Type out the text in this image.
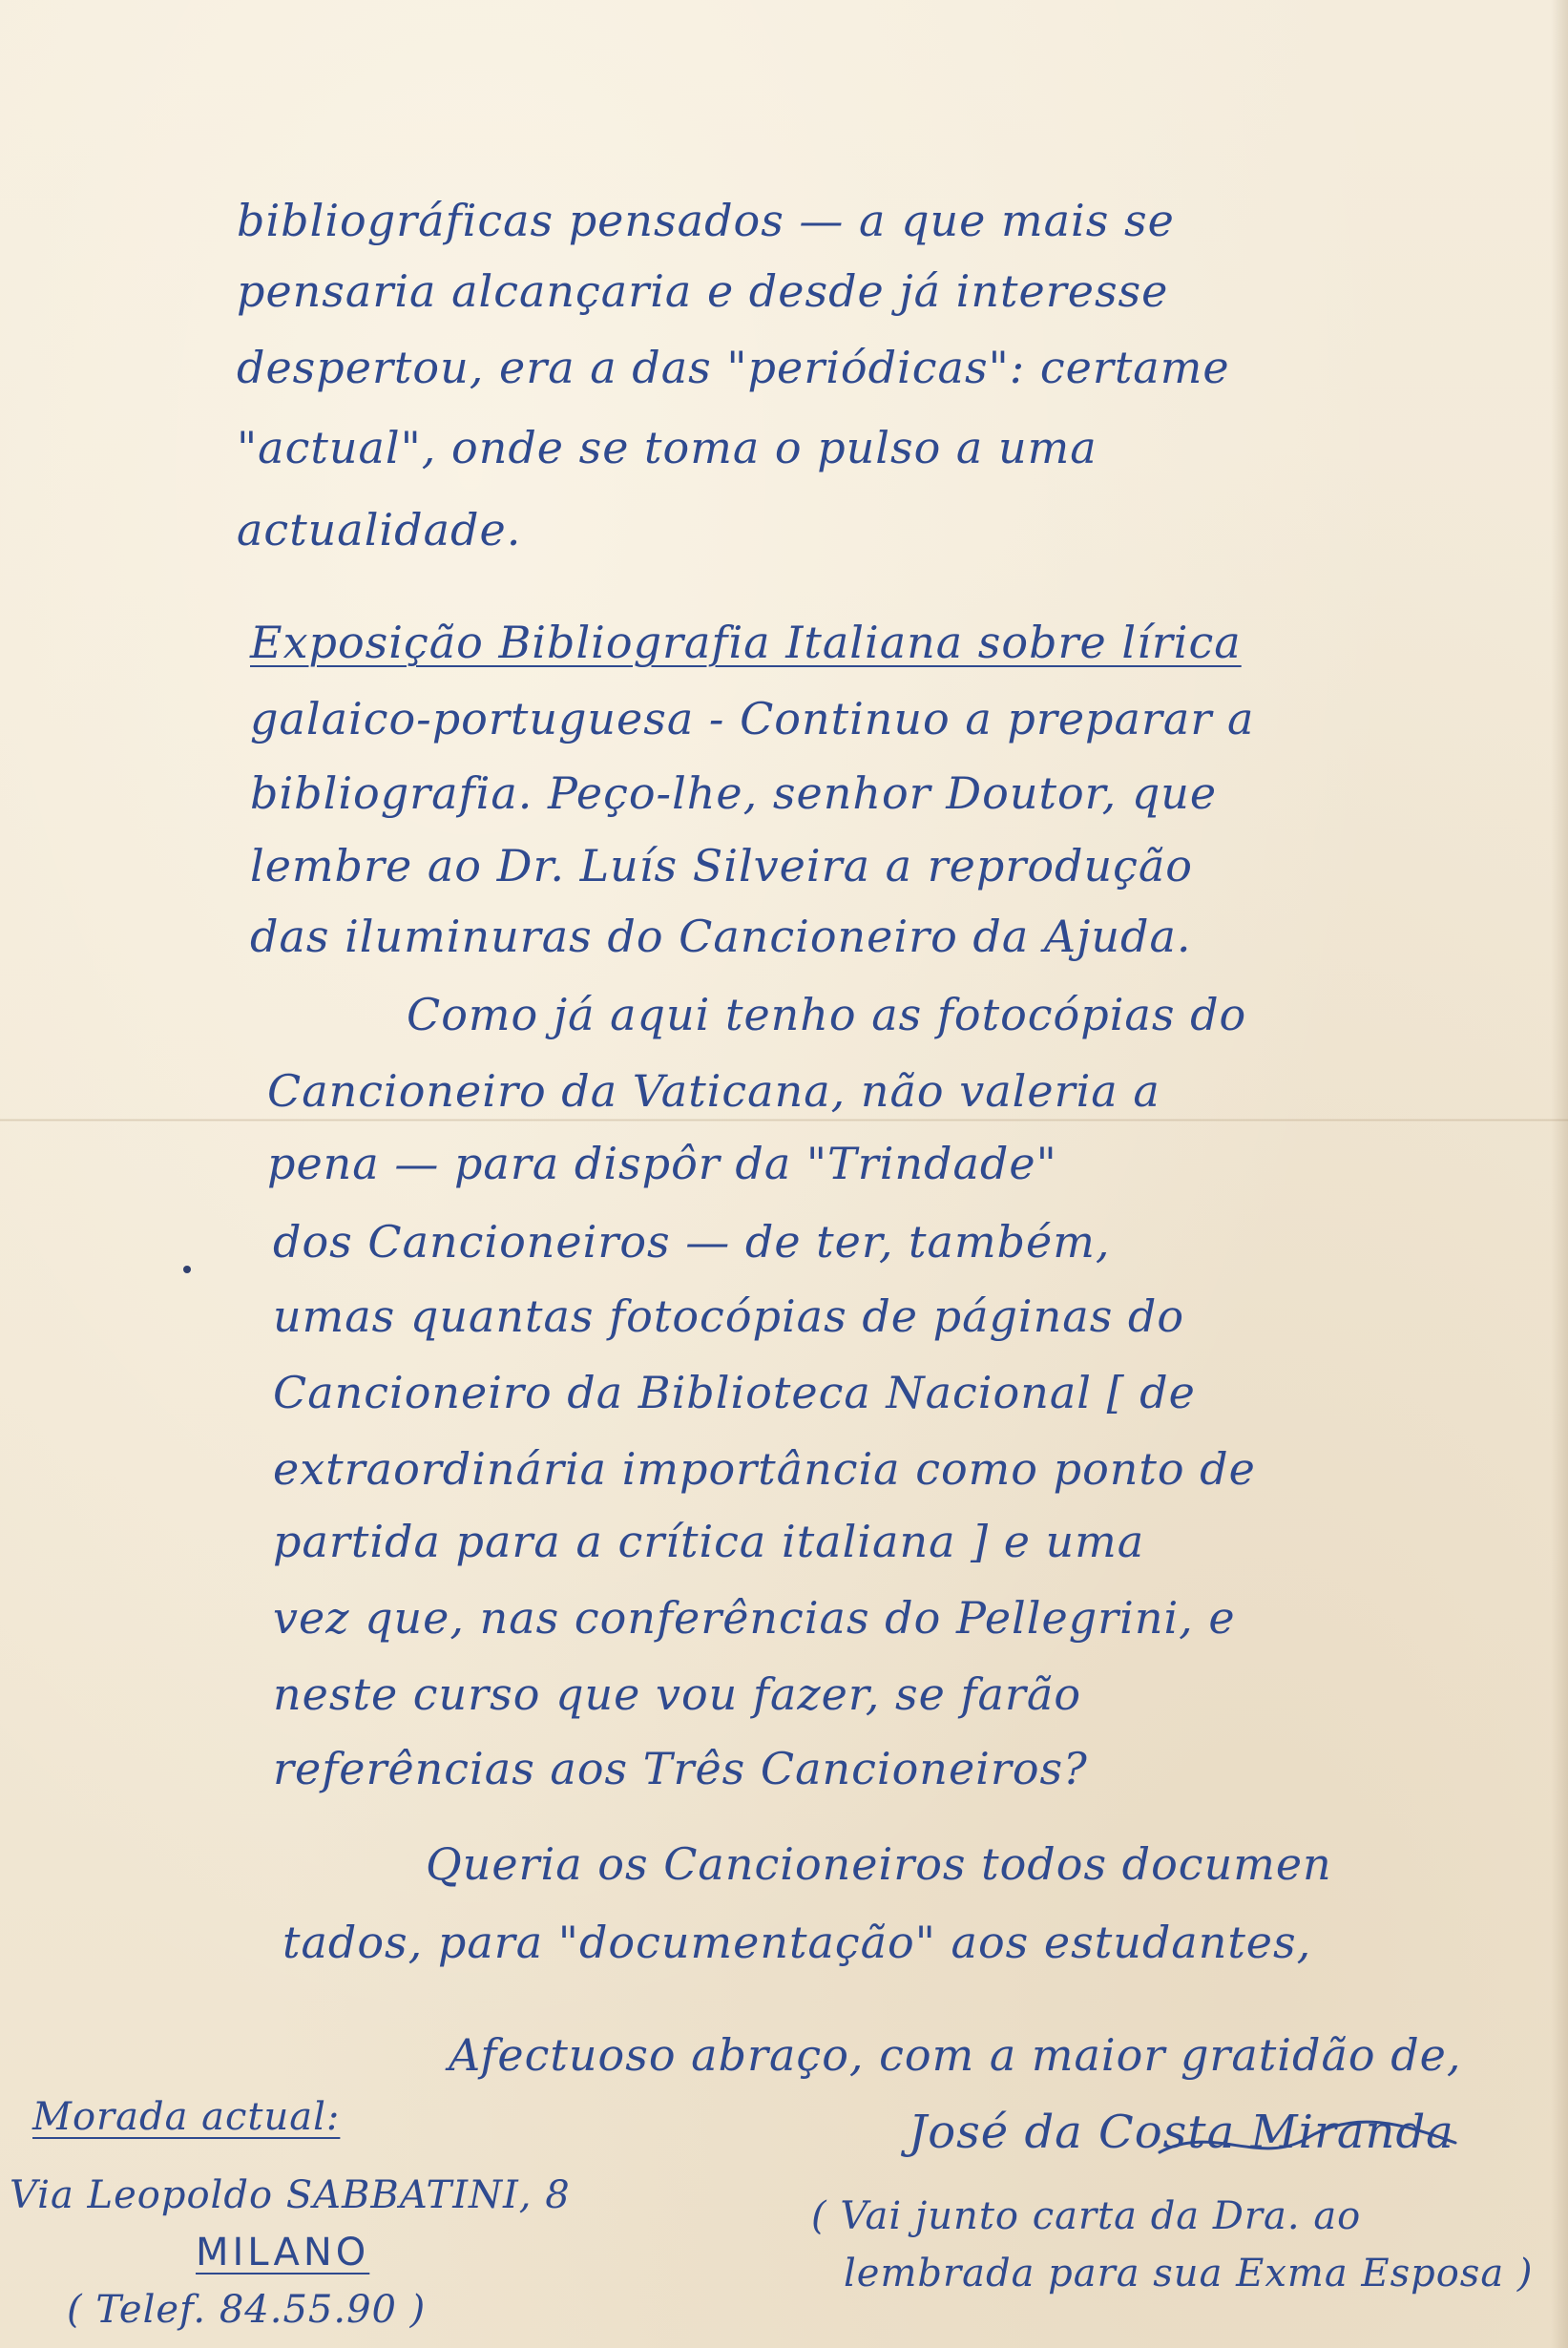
bibliográficas pensados — a que mais se
pensaria alcançaria e desde já interesse
despertou, era a das "periódicas": certame
"actual", onde se toma o pulso a uma
actualidade.
Exposição Bibliografia Italiana sobre lírica
galaico-portuguesa - Continuo a preparar a
bibliografia. Peço-lhe, senhor Doutor, que
lembre ao Dr. Luís Silveira a reprodução
das iluminuras do Cancioneiro da Ajuda.
Como já aqui tenho as fotocópias do
Cancioneiro da Vaticana, não valeria a
pena — para dispôr da "Trindade"
dos Cancioneiros — de ter, também,
umas quantas fotocópias de páginas do
Cancioneiro da Biblioteca Nacional [ de
extraordinária importância como ponto de
partida para a crítica italiana ] e uma
vez que, nas conferências do Pellegrini, e
neste curso que vou fazer, se farão
referências aos Três Cancioneiros?
Queria os Cancioneiros todos documen
tados, para "documentação" aos estudantes,
Afectuoso abraço, com a maior gratidão de,
José da Costa Miranda
( Vai junto carta da Dra. ao
lembrada para sua Exma Esposa )
Morada actual:
Via Leopoldo SABBATINI, 8
MILANO
( Telef. 84.55.90 )
